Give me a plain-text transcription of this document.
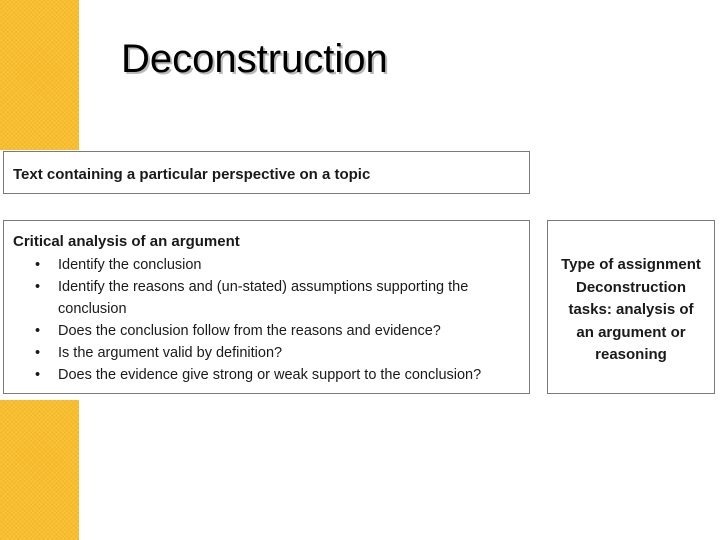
Deconstruction
Text containing a particular perspective on a topic
Critical analysis of an argument
• Identify the conclusion
• Identify the reasons and (un-stated) assumptions supporting the
conclusion
• Does the conclusion follow from the reasons and evidence?
• Is the argument valid by definition?
• Does the evidence give strong or weak support to the conclusion?
Type of assignment
Deconstruction
tasks: analysis of
an argument or
reasoning
